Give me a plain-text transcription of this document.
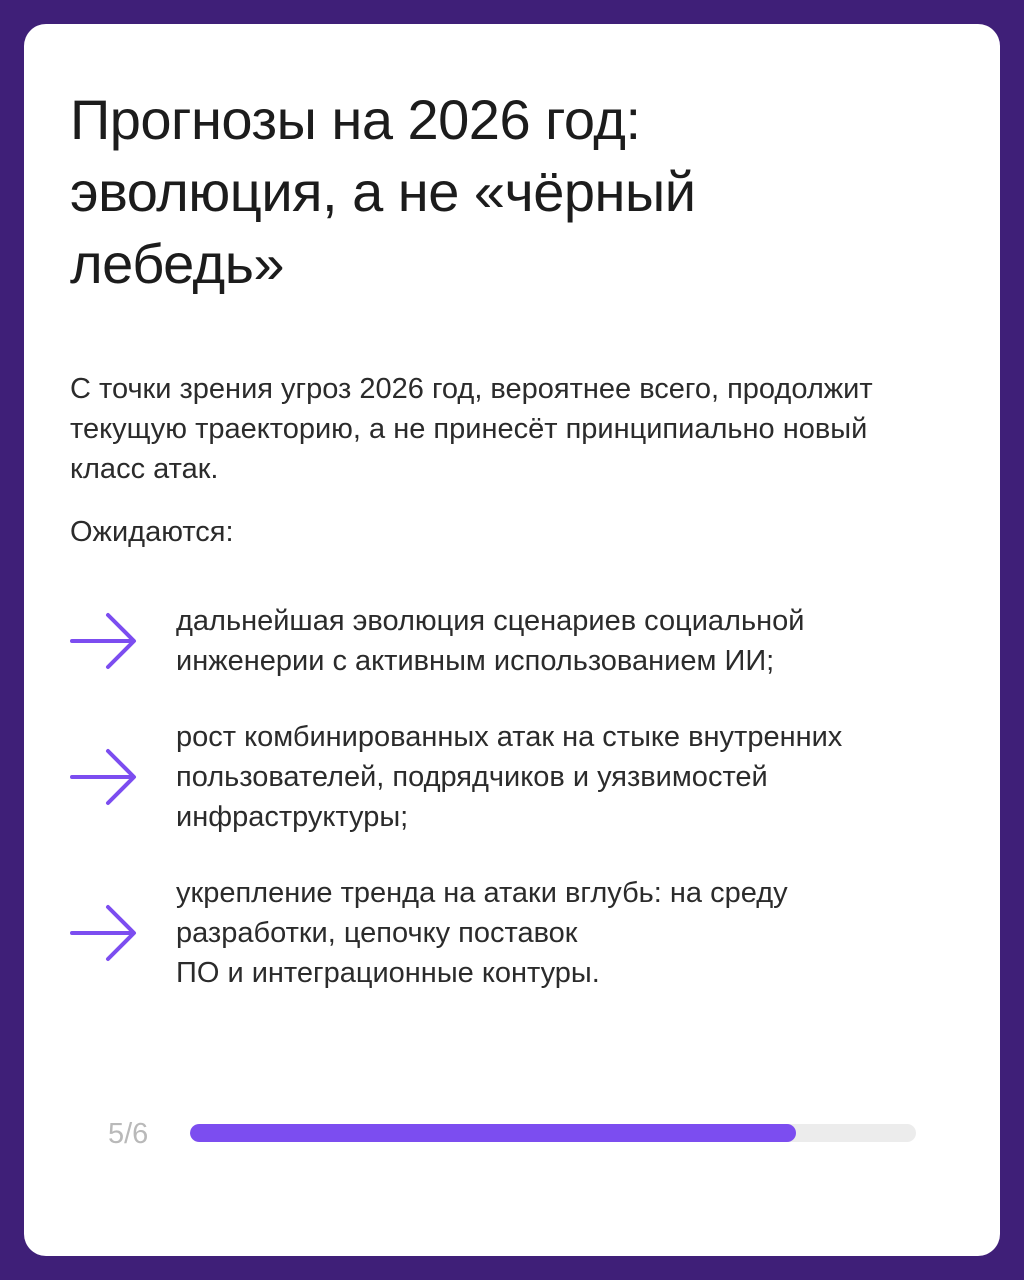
Прогнозы на 2026 год:
эволюция, а не «чёрный
лебедь»

С точки зрения угроз 2026 год, вероятнее всего, продолжит текущую траекторию, а не принесёт принципиально новый класс атак.

Ожидаются:

дальнейшая эволюция сценариев социальной
инженерии с активным использованием ИИ;
рост комбинированных атак на стыке внутренних
пользователей, подрядчиков и уязвимостей
инфраструктуры;
укрепление тренда на атаки вглубь: на среду
разработки, цепочку поставок
ПО и интеграционные контуры.
5/6
